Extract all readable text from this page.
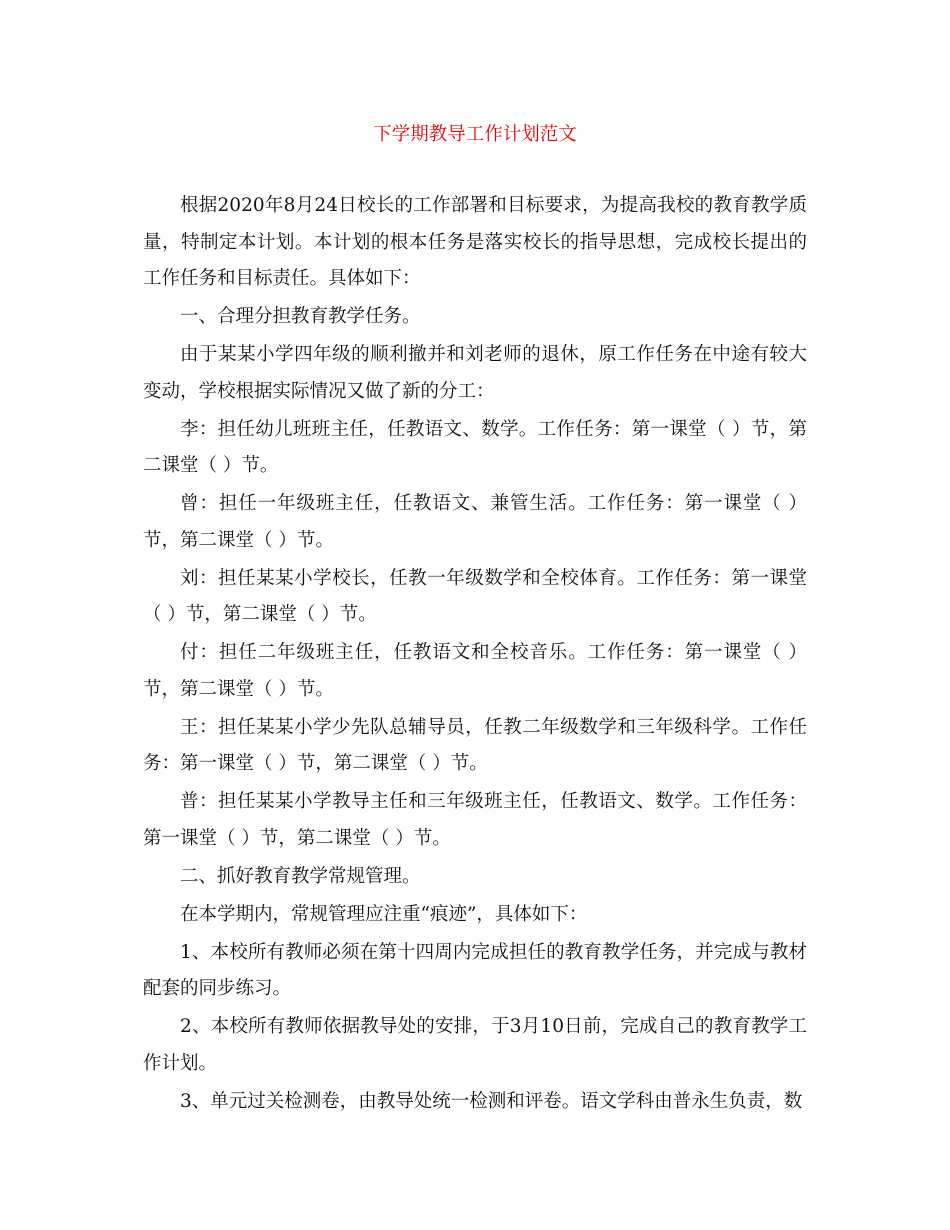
下学期教导工作计划范文

根据2020年8月24日校长的工作部署和目标要求，为提高我校的教育教学质量，特制定本计划。本计划的根本任务是落实校长的指导思想，完成校长提出的工作任务和目标责任。具体如下：

一、合理分担教育教学任务。

由于某某小学四年级的顺利撤并和刘老师的退休，原工作任务在中途有较大变动，学校根据实际情况又做了新的分工：

李：担任幼儿班班主任，任教语文、数学。工作任务：第一课堂（ ）节，第二课堂（ ）节。

曾：担任一年级班主任，任教语文、兼管生活。工作任务：第一课堂（ ）节，第二课堂（ ）节。

刘：担任某某小学校长，任教一年级数学和全校体育。工作任务：第一课堂（ ）节，第二课堂（ ）节。

付：担任二年级班主任，任教语文和全校音乐。工作任务：第一课堂（ ）节，第二课堂（ ）节。

王：担任某某小学少先队总辅导员，任教二年级数学和三年级科学。工作任务：第一课堂（ ）节，第二课堂（ ）节。

普：担任某某小学教导主任和三年级班主任，任教语文、数学。工作任务：第一课堂（ ）节，第二课堂（ ）节。

二、抓好教育教学常规管理。

在本学期内，常规管理应注重“痕迹”，具体如下：

1、本校所有教师必须在第十四周内完成担任的教育教学任务，并完成与教材配套的同步练习。

2、本校所有教师依据教导处的安排，于3月10日前，完成自己的教育教学工作计划。

3、单元过关检测卷，由教导处统一检测和评卷。语文学科由普永生负责，数
